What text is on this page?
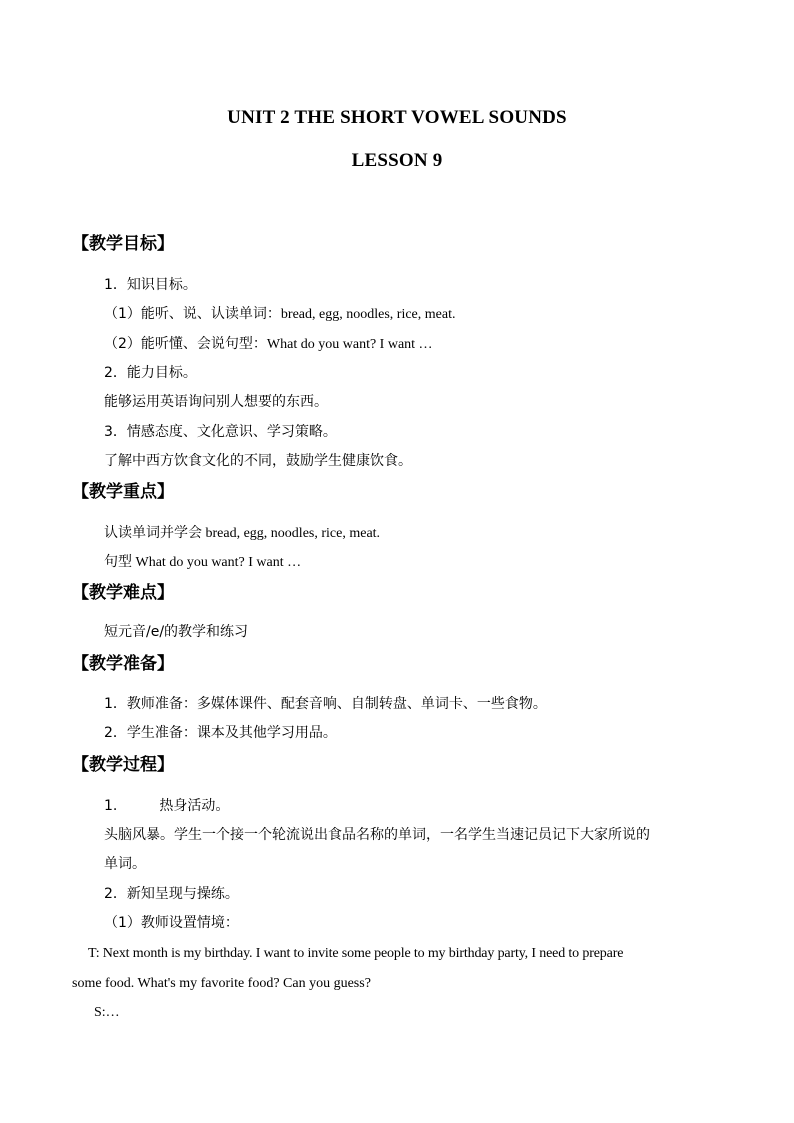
UNIT 2 THE SHORT VOWEL SOUNDS
LESSON 9
【教学目标】
1．知识目标。
（1）能听、说、认读单词：bread, egg, noodles, rice, meat.
（2）能听懂、会说句型：What do you want? I want …
2．能力目标。
能够运用英语询问别人想要的东西。
3．情感态度、文化意识、学习策略。
了解中西方饮食文化的不同，鼓励学生健康饮食。
【教学重点】
认读单词并学会 bread, egg, noodles, rice, meat.
句型 What do you want? I want …
【教学难点】
短元音/e/的教学和练习
【教学准备】
1．教师准备：多媒体课件、配套音响、自制转盘、单词卡、一些食物。
2．学生准备：课本及其他学习用品。
【教学过程】
1.	热身活动。
头脑风暴。学生一个接一个轮流说出食品名称的单词，一名学生当速记员记下大家所说的
单词。
2．新知呈现与操练。
（1）教师设置情境：
T: Next month is my birthday. I want to invite some people to my birthday party, I need to prepare
some food. What's my favorite food? Can you guess?
S:…
